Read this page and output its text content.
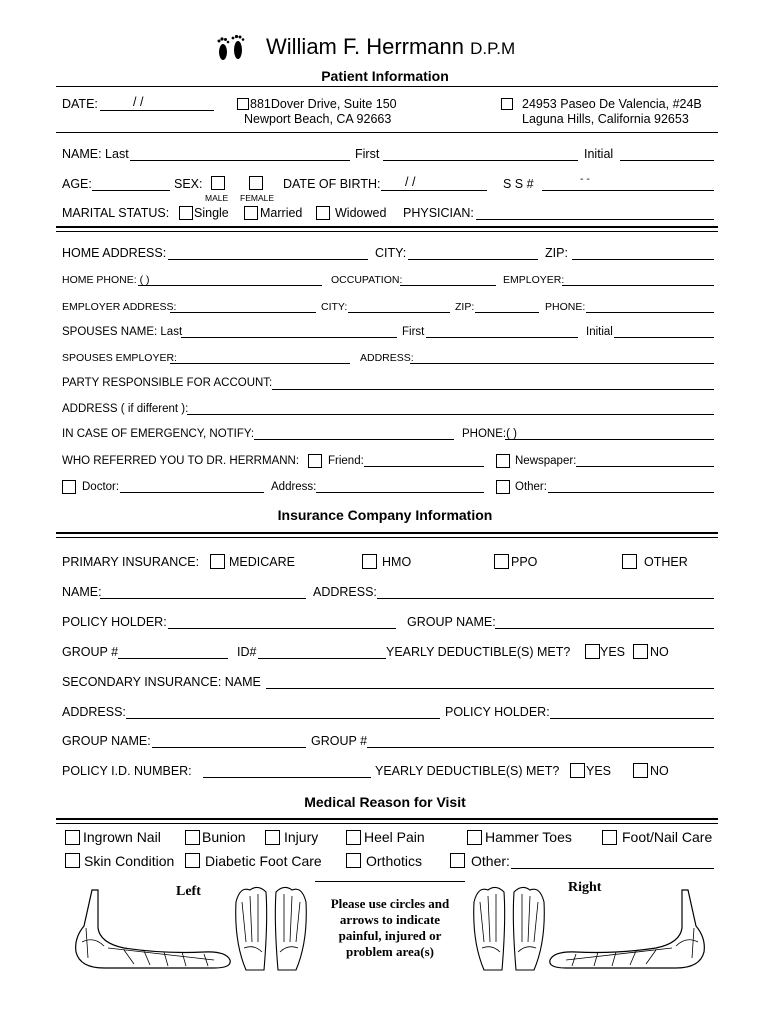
William F. Herrmann D.P.M
Patient Information
DATE:	/ /	881Dover Drive, Suite 150
Newport Beach, CA 92663
24953 Paseo De Valencia, #24B
Laguna Hills, California 92653
NAME: Last	First	Initial
AGE:	SEX:
MALE FEMALE
DATE OF BIRTH: / /	S S #	- -
MARITAL STATUS: Single	Married	Widowed PHYSICIAN:
HOME ADDRESS:	CITY:	ZIP:
HOME PHONE: ( )	OCCUPATION:	EMPLOYER:
EMPLOYER ADDRESS:	CITY:	ZIP:	PHONE:
SPOUSES NAME: Last	First	Initial
SPOUSES EMPLOYER:	ADDRESS:
PARTY RESPONSIBLE FOR ACCOUNT:
ADDRESS ( if different ):
IN CASE OF EMERGENCY, NOTIFY:	PHONE:( )
WHO REFERRED YOU TO DR. HERRMANN:	Friend:	Newspaper:
Doctor:	Address:	Other:
Insurance Company Information
PRIMARY INSURANCE: MEDICARE	HMO	PPO	OTHER
NAME:	ADDRESS:
POLICY HOLDER:	GROUP NAME:
GROUP #	ID#	YEARLY DEDUCTIBLE(S) MET? YES NO
SECONDARY INSURANCE: NAME
ADDRESS:	POLICY HOLDER:
GROUP NAME:	GROUP #
POLICY I.D. NUMBER:	YEARLY DEDUCTIBLE(S) MET? YES	NO
Medical Reason for Visit
Ingrown Nail	Bunion	Injury	Heel Pain	Hammer Toes	Foot/Nail Care
Skin Condition Diabetic Foot Care	Orthotics	Other:
Left	Right
Please use circles and
arrows to indicate
painful, injured or
problem area(s)
